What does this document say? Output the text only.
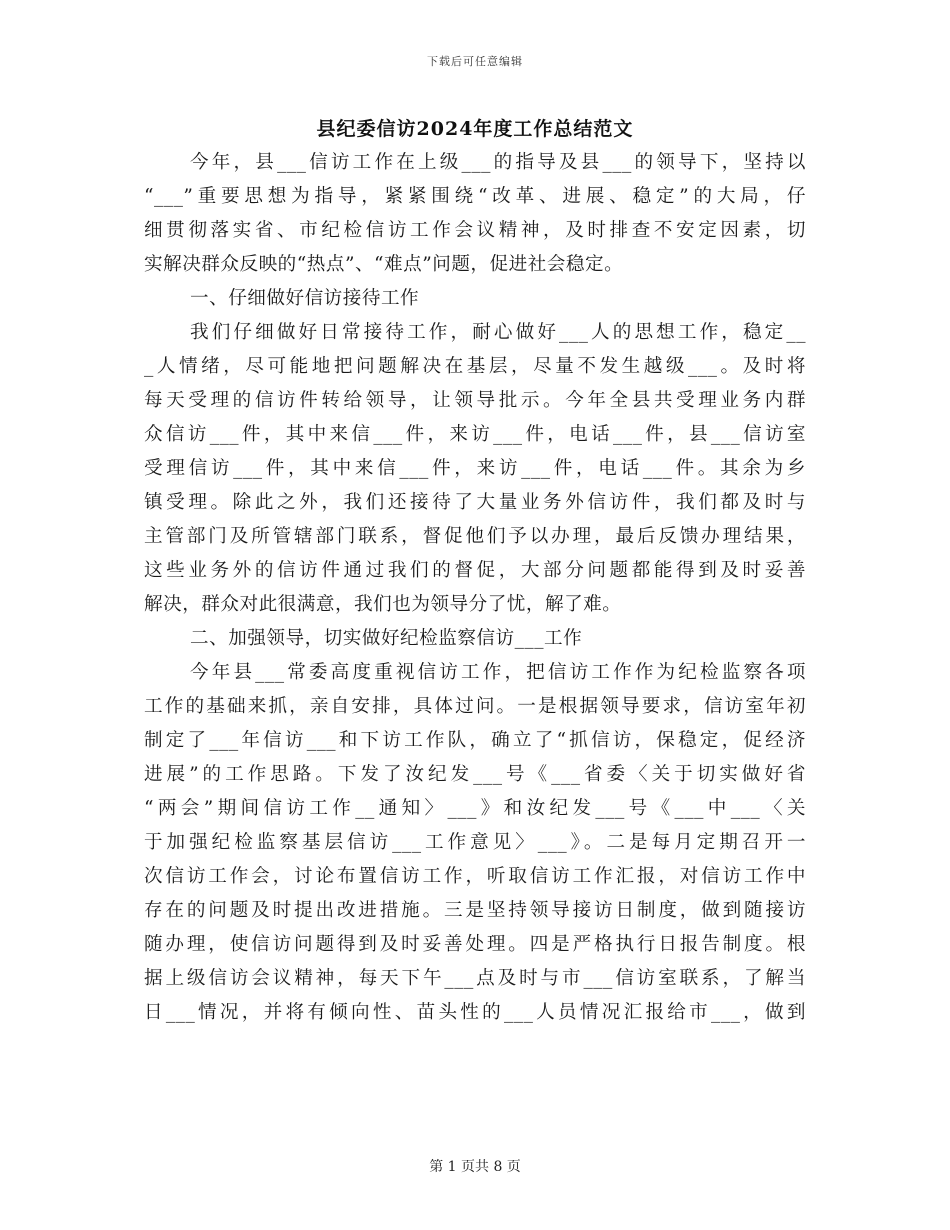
下载后可任意编辑
县纪委信访2024年度工作总结范文
今年，县___信访工作在上级___的指导及县___的领导下，坚持以
“___”重要思想为指导，紧紧围绕“改革、进展、稳定”的大局，仔
细贯彻落实省、市纪检信访工作会议精神，及时排查不安定因素，切
实解决群众反映的“热点”、“难点”问题，促进社会稳定。
一、仔细做好信访接待工作
我们仔细做好日常接待工作，耐心做好___人的思想工作，稳定__
_人情绪，尽可能地把问题解决在基层，尽量不发生越级___。及时将
每天受理的信访件转给领导，让领导批示。今年全县共受理业务内群
众信访___件，其中来信___件，来访___件，电话___件，县___信访室
受理信访___件，其中来信___件，来访___件，电话___件。其余为乡
镇受理。除此之外，我们还接待了大量业务外信访件，我们都及时与
主管部门及所管辖部门联系，督促他们予以办理，最后反馈办理结果，
这些业务外的信访件通过我们的督促，大部分问题都能得到及时妥善
解决，群众对此很满意，我们也为领导分了忧，解了难。
二、加强领导，切实做好纪检监察信访___工作
今年县___常委高度重视信访工作，把信访工作作为纪检监察各项
工作的基础来抓，亲自安排，具体过问。一是根据领导要求，信访室年初
制定了___年信访___和下访工作队，确立了“抓信访，保稳定，促经济
进展”的工作思路。下发了汝纪发___号《___省委〈关于切实做好省
“两会”期间信访工作__通知〉___》和汝纪发___号《___中___〈关
于加强纪检监察基层信访___工作意见〉___》。二是每月定期召开一
次信访工作会，讨论布置信访工作，听取信访工作汇报，对信访工作中
存在的问题及时提出改进措施。三是坚持领导接访日制度，做到随接访
随办理，使信访问题得到及时妥善处理。四是严格执行日报告制度。根
据上级信访会议精神，每天下午___点及时与市___信访室联系，了解当
日___情况，并将有倾向性、苗头性的___人员情况汇报给市___，做到
第 1 页共 8 页
